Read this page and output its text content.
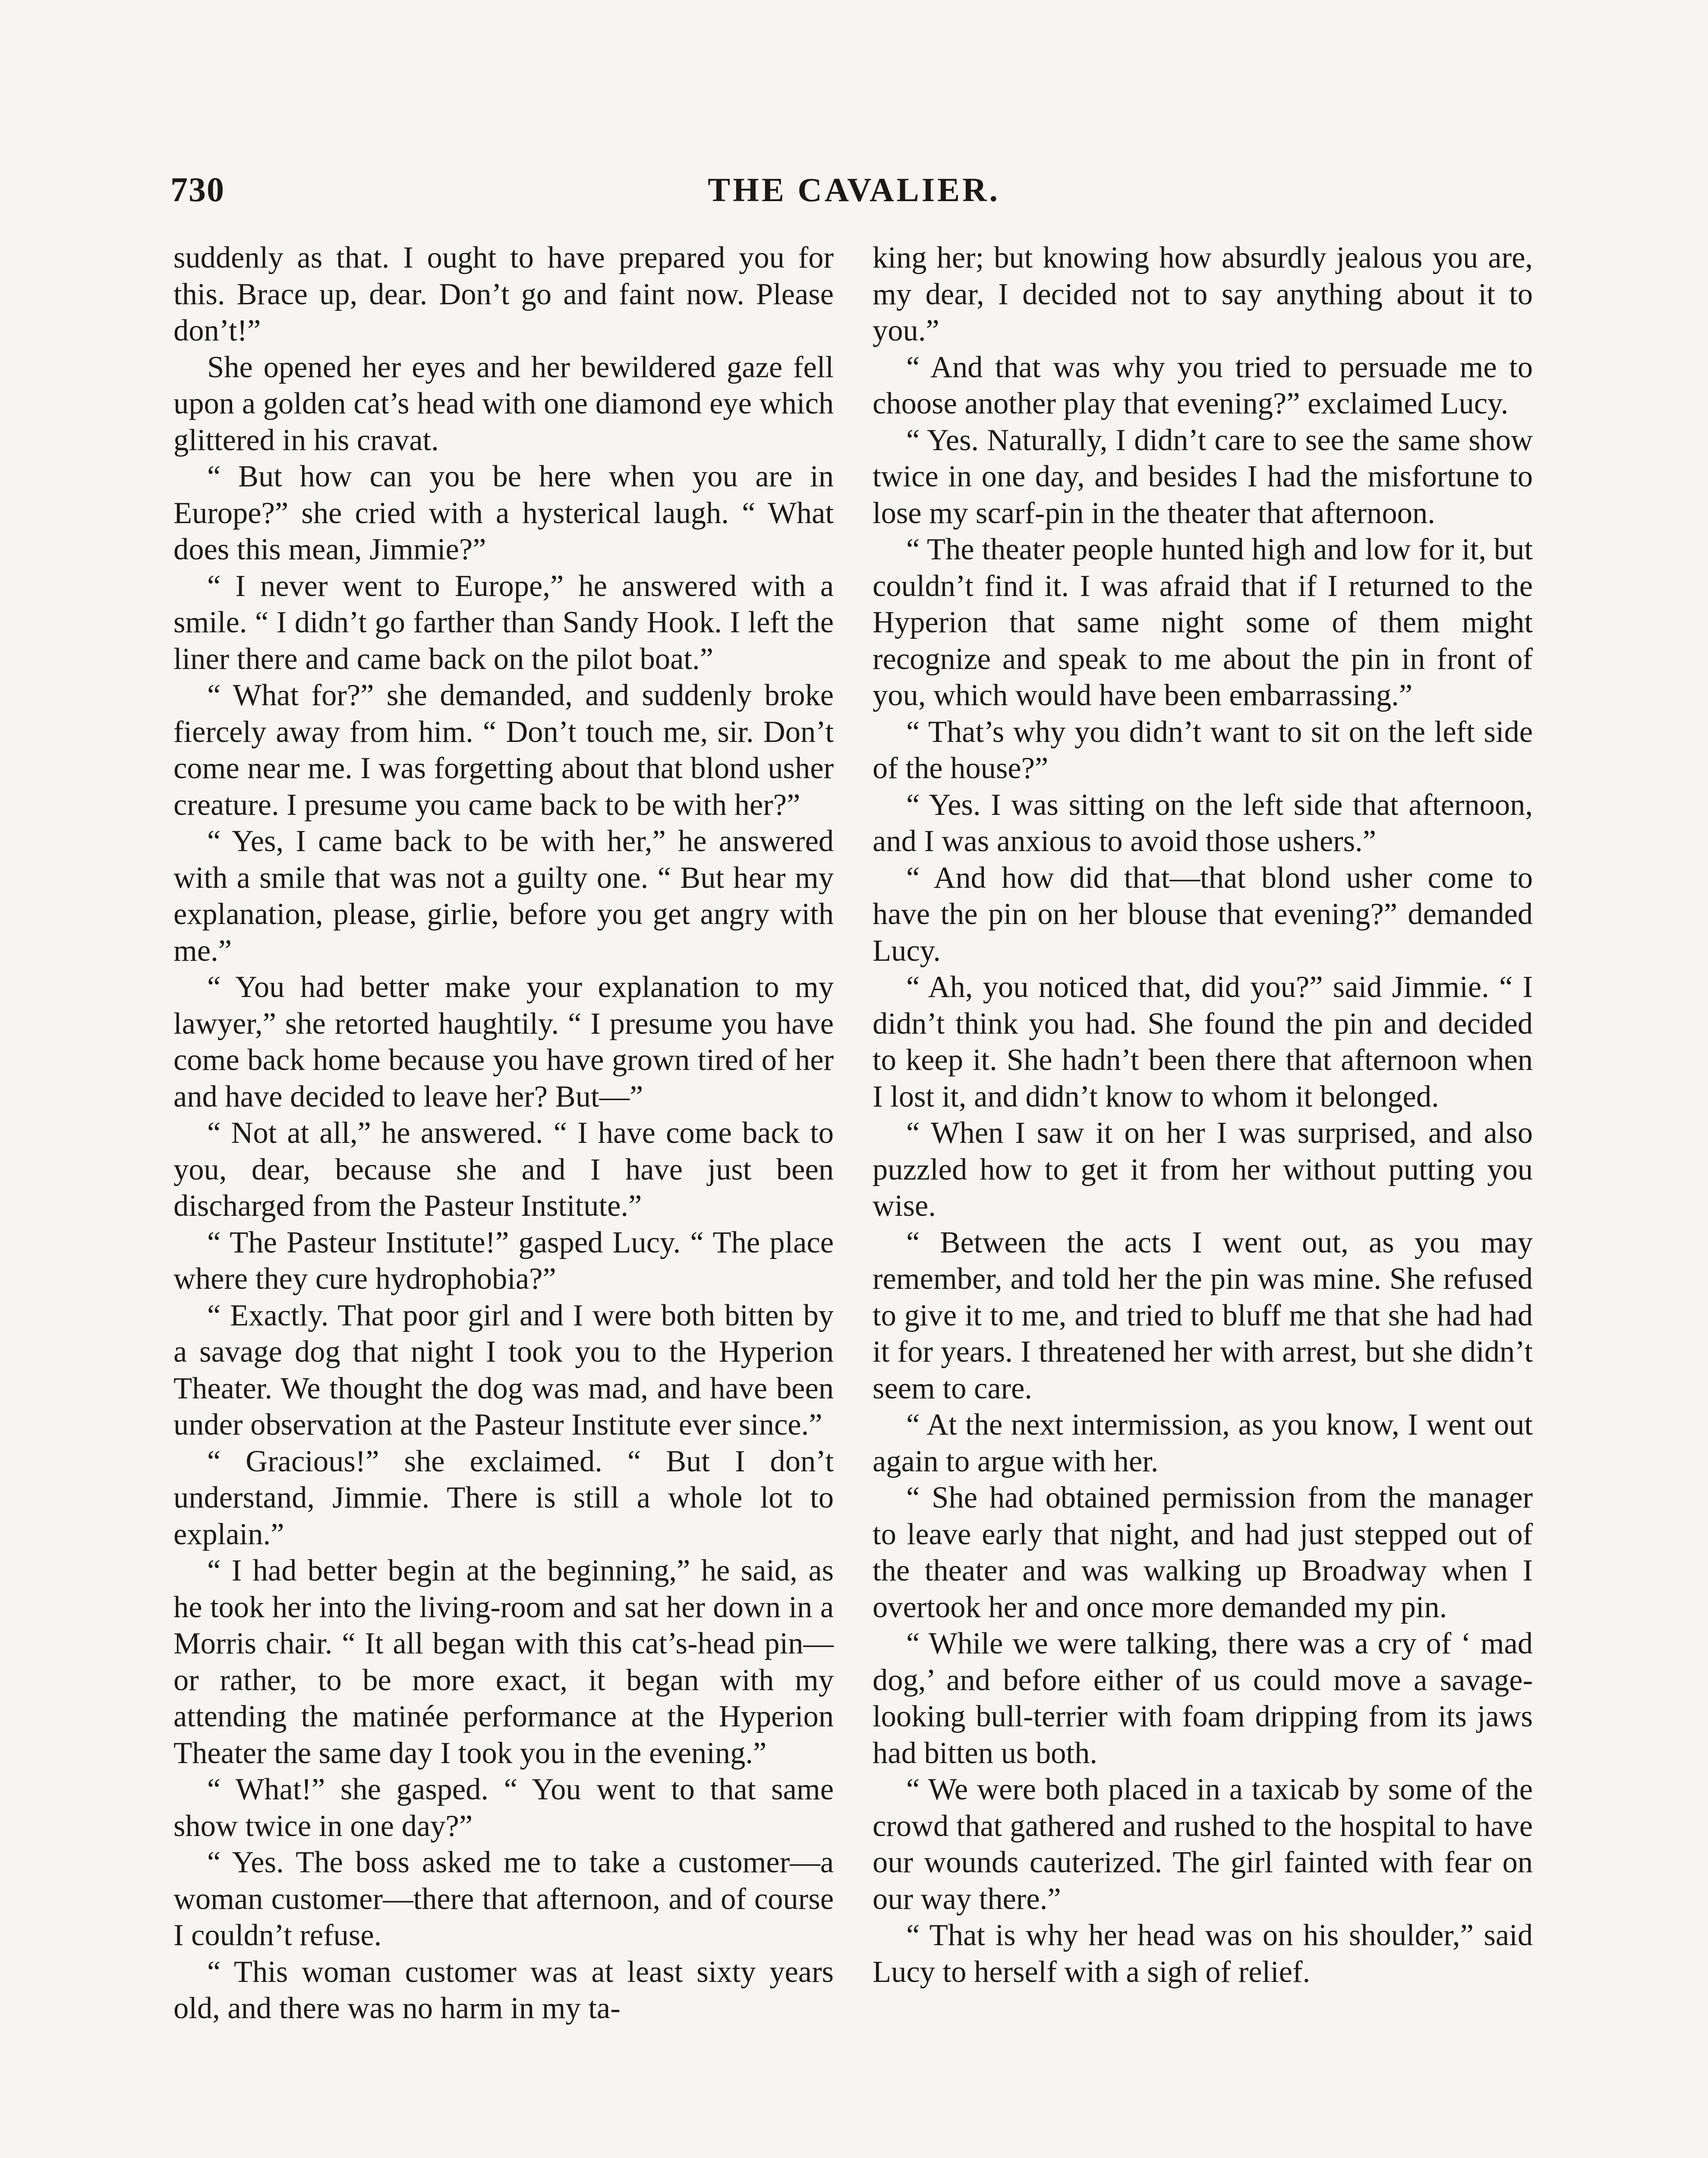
730	THE CAVALIER.

suddenly as that. I ought to have prepared you for this. Brace up, dear. Don’t go and faint now. Please don’t!”

She opened her eyes and her bewildered gaze fell upon a golden cat’s head with one diamond eye which glittered in his cravat.

“ But how can you be here when you are in Europe?” she cried with a hysterical laugh. “ What does this mean, Jimmie?”

“ I never went to Europe,” he answered with a smile. “ I didn’t go farther than Sandy Hook. I left the liner there and came back on the pilot boat.”

“ What for?” she demanded, and suddenly broke fiercely away from him. “ Don’t touch me, sir. Don’t come near me. I was forgetting about that blond usher creature. I presume you came back to be with her?”

“ Yes, I came back to be with her,” he answered with a smile that was not a guilty one. “ But hear my explanation, please, girlie, before you get angry with me.”

“ You had better make your explanation to my lawyer,” she retorted haughtily. “ I presume you have come back home because you have grown tired of her and have decided to leave her? But—”

“ Not at all,” he answered. “ I have come back to you, dear, because she and I have just been discharged from the Pasteur Institute.”

“ The Pasteur Institute!” gasped Lucy. “ The place where they cure hydrophobia?”

“ Exactly. That poor girl and I were both bitten by a savage dog that night I took you to the Hyperion Theater. We thought the dog was mad, and have been under observation at the Pasteur Institute ever since.”

“ Gracious!” she exclaimed. “ But I don’t understand, Jimmie. There is still a whole lot to explain.”

“ I had better begin at the beginning,” he said, as he took her into the living-room and sat her down in a Morris chair. “ It all began with this cat’s-head pin—or rather, to be more exact, it began with my attending the matinée performance at the Hyperion Theater the same day I took you in the evening.”

“ What!” she gasped. “ You went to that same show twice in one day?”

“ Yes. The boss asked me to take a customer—a woman customer—there that afternoon, and of course I couldn’t refuse.

“ This woman customer was at least sixty years old, and there was no harm in my ta-

king her; but knowing how absurdly jealous you are, my dear, I decided not to say anything about it to you.”

“ And that was why you tried to persuade me to choose another play that evening?” exclaimed Lucy.

“ Yes. Naturally, I didn’t care to see the same show twice in one day, and besides I had the misfortune to lose my scarf-pin in the theater that afternoon.

“ The theater people hunted high and low for it, but couldn’t find it. I was afraid that if I returned to the Hyperion that same night some of them might recognize and speak to me about the pin in front of you, which would have been embarrassing.”

“ That’s why you didn’t want to sit on the left side of the house?”

“ Yes. I was sitting on the left side that afternoon, and I was anxious to avoid those ushers.”

“ And how did that—that blond usher come to have the pin on her blouse that evening?” demanded Lucy.

“ Ah, you noticed that, did you?” said Jimmie. “ I didn’t think you had. She found the pin and decided to keep it. She hadn’t been there that afternoon when I lost it, and didn’t know to whom it belonged.

“ When I saw it on her I was surprised, and also puzzled how to get it from her without putting you wise.

“ Between the acts I went out, as you may remember, and told her the pin was mine. She refused to give it to me, and tried to bluff me that she had had it for years. I threatened her with arrest, but she didn’t seem to care.

“ At the next intermission, as you know, I went out again to argue with her.

“ She had obtained permission from the manager to leave early that night, and had just stepped out of the theater and was walking up Broadway when I overtook her and once more demanded my pin.

“ While we were talking, there was a cry of ‘ mad dog,’ and before either of us could move a savage-looking bull-terrier with foam dripping from its jaws had bitten us both.

“ We were both placed in a taxicab by some of the crowd that gathered and rushed to the hospital to have our wounds cauterized. The girl fainted with fear on our way there.”

“ That is why her head was on his shoulder,” said Lucy to herself with a sigh of relief.
